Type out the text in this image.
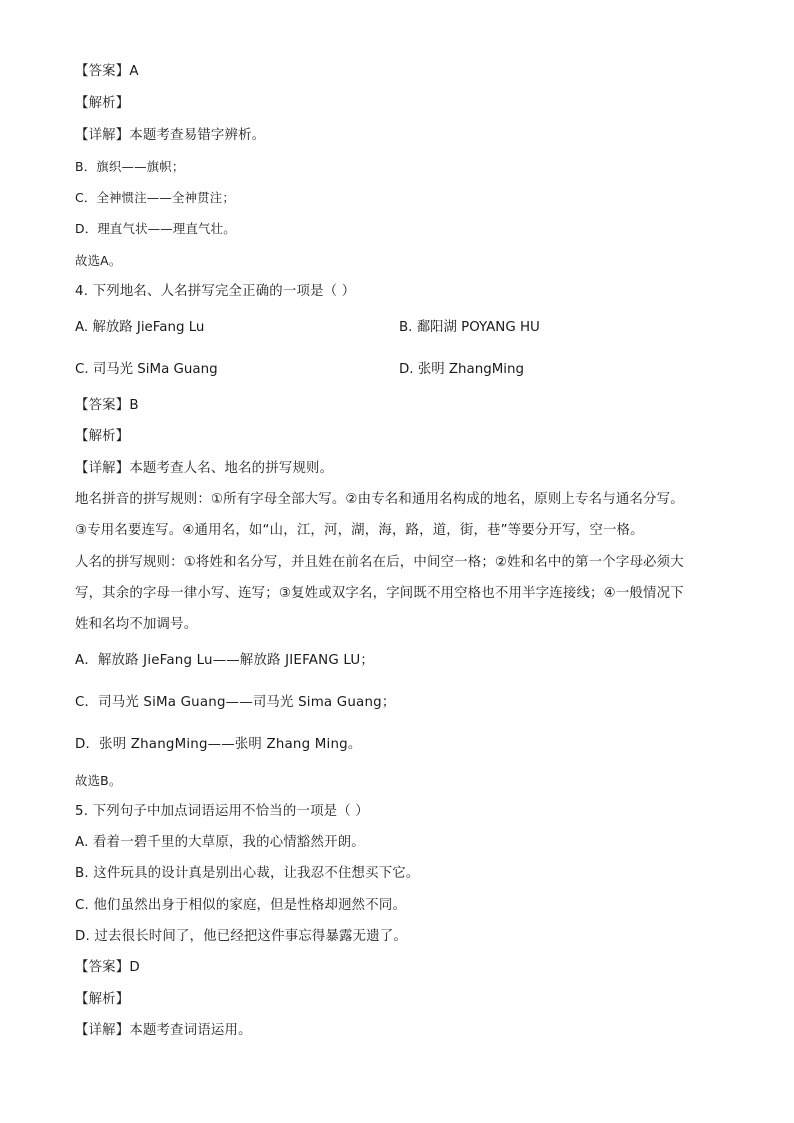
【答案】A
【解析】
【详解】本题考查易错字辨析。
B．旗织——旗帜；
C．全神惯注——全神贯注；
D．理直气状——理直气壮。
故选A。
4. 下列地名、人名拼写完全正确的一项是（ ）
A. 解放路 JieFang Lu	B. 鄱阳湖 POYANG HU
C. 司马光 SiMa Guang	D. 张明 ZhangMing
【答案】B
【解析】
【详解】本题考查人名、地名的拼写规则。
地名拼音的拼写规则：①所有字母全部大写。②由专名和通用名构成的地名，原则上专名与通名分写。
③专用名要连写。④通用名，如“山，江，河，湖，海，路，道，街，巷”等要分开写，空一格。
人名的拼写规则：①将姓和名分写，并且姓在前名在后，中间空一格；②姓和名中的第一个字母必须大
写，其余的字母一律小写、连写；③复姓或双字名，字间既不用空格也不用半字连接线；④一般情况下
姓和名均不加调号。
A．解放路 JieFang Lu——解放路 JIEFANG LU；
C．司马光 SiMa Guang——司马光 Sima Guang；
D．张明 ZhangMing——张明 Zhang Ming。
故选B。
5. 下列句子中加点词语运用不恰当的一项是（ ）
A. 看着一碧千里的大草原，我的心情豁然开朗。
B. 这件玩具的设计真是别出心裁，让我忍不住想买下它。
C. 他们虽然出身于相似的家庭，但是性格却迥然不同。
D. 过去很长时间了，他已经把这件事忘得暴露无遗了。
【答案】D
【解析】
【详解】本题考查词语运用。
